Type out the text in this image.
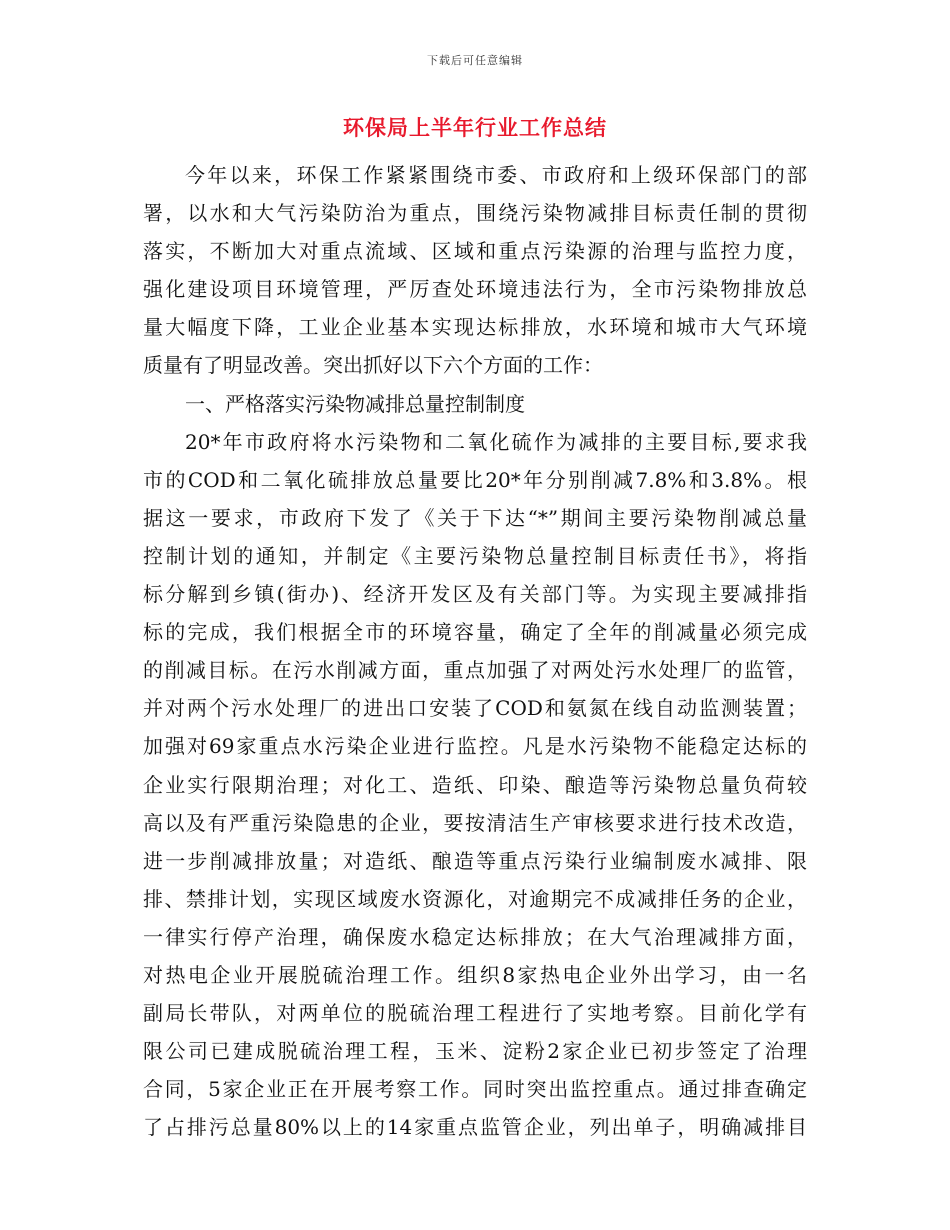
下载后可任意编辑
环保局上半年行业工作总结
今年以来，环保工作紧紧围绕市委、市政府和上级环保部门的部
署，以水和大气污染防治为重点，围绕污染物减排目标责任制的贯彻
落实，不断加大对重点流域、区域和重点污染源的治理与监控力度，
强化建设项目环境管理，严厉查处环境违法行为，全市污染物排放总
量大幅度下降，工业企业基本实现达标排放，水环境和城市大气环境
质量有了明显改善。突出抓好以下六个方面的工作：
一、严格落实污染物减排总量控制制度
20*年市政府将水污染物和二氧化硫作为减排的主要目标,要求我
市的COD和二氧化硫排放总量要比20*年分别削减7.8%和3.8%。根
据这一要求，市政府下发了《关于下达“*”期间主要污染物削减总量
控制计划的通知，并制定《主要污染物总量控制目标责任书》，将指
标分解到乡镇(街办)、经济开发区及有关部门等。为实现主要减排指
标的完成，我们根据全市的环境容量，确定了全年的削减量必须完成
的削减目标。在污水削减方面，重点加强了对两处污水处理厂的监管，
并对两个污水处理厂的进出口安装了COD和氨氮在线自动监测装置；
加强对69家重点水污染企业进行监控。凡是水污染物不能稳定达标的
企业实行限期治理；对化工、造纸、印染、酿造等污染物总量负荷较
高以及有严重污染隐患的企业，要按清洁生产审核要求进行技术改造，
进一步削减排放量；对造纸、酿造等重点污染行业编制废水减排、限
排、禁排计划，实现区域废水资源化，对逾期完不成减排任务的企业，
一律实行停产治理，确保废水稳定达标排放；在大气治理减排方面，
对热电企业开展脱硫治理工作。组织8家热电企业外出学习，由一名
副局长带队，对两单位的脱硫治理工程进行了实地考察。目前化学有
限公司已建成脱硫治理工程，玉米、淀粉2家企业已初步签定了治理
合同，5家企业正在开展考察工作。同时突出监控重点。通过排查确定
了占排污总量80%以上的14家重点监管企业，列出单子，明确减排目
